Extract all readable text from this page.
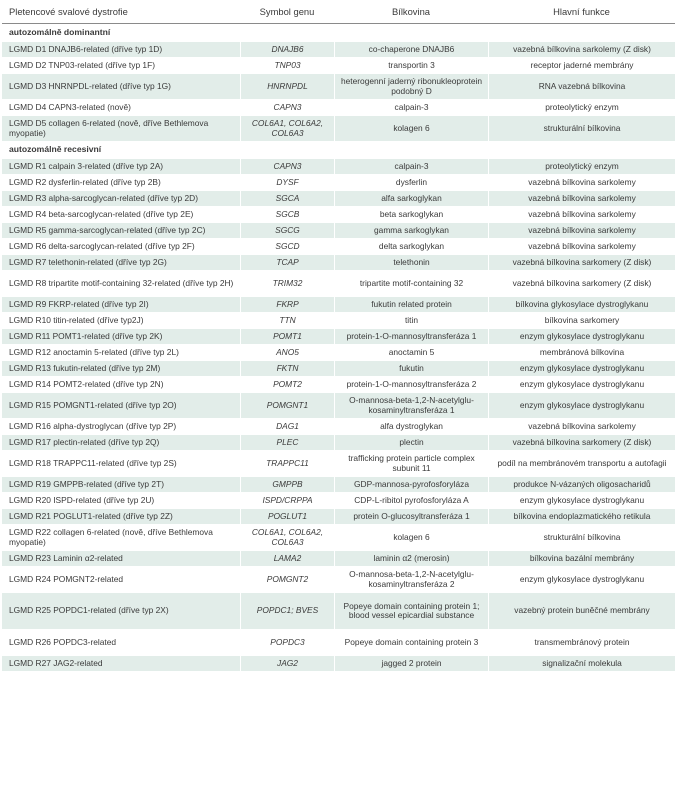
Pletencové svalové dystrofie	Symbol genu	Bílkovina	Hlavní funkce
autozomálně dominantní			
LGMD D1 DNAJB6-related (dříve typ 1D)	DNAJB6	co-chaperone DNAJB6	vazebná bílkovina sarkolemy (Z disk)
LGMD D2 TNP03-related (dříve typ 1F)	TNP03	transportin 3	receptor jaderné membrány
LGMD D3 HNRNPDL-related (dříve typ 1G)	HNRNPDL	heterogenní jaderný ribonukleoprotein podobný D	RNA vazebná bílkovina
LGMD D4 CAPN3-related (nově)	CAPN3	calpain-3	proteolytický enzym
LGMD D5 collagen 6-related (nově, dříve Bethlemova myopatie)	COL6A1, COL6A2, COL6A3	kolagen 6	strukturální bílkovina
autozomálně recesivní			
LGMD R1 calpain 3-related (dříve typ 2A)	CAPN3	calpain-3	proteolytický enzym
LGMD R2 dysferlin-related (dříve typ 2B)	DYSF	dysferlin	vazebná bílkovina sarkolemy
LGMD R3 alpha-sarcoglycan-related (dříve typ 2D)	SGCA	alfa sarkoglykan	vazebná bílkovina sarkolemy
LGMD R4 beta-sarcoglycan-related (dříve typ 2E)	SGCB	beta sarkoglykan	vazebná bílkovina sarkolemy
LGMD R5 gamma-sarcoglycan-related (dříve typ 2C)	SGCG	gamma sarkoglykan	vazebná bílkovina sarkolemy
LGMD R6 delta-sarcoglycan-related (dříve typ 2F)	SGCD	delta sarkoglykan	vazebná bílkovina sarkolemy
LGMD R7 telethonin-related (dříve typ 2G)	TCAP	telethonin	vazebná bílkovina sarkomery (Z disk)
LGMD R8 tripartite motif-containing 32-related (dříve typ 2H)	TRIM32	tripartite motif-containing 32	vazebná bílkovina sarkomery (Z disk)
LGMD R9 FKRP-related (dříve typ 2I)	FKRP	fukutin related protein	bílkovina glykosylace dystroglykanu
LGMD R10 titin-related (dříve typ2J)	TTN	titin	bílkovina sarkomery
LGMD R11 POMT1-related (dříve typ 2K)	POMT1	protein-1-O-mannosyltransferáza 1	enzym glykosylace dystroglykanu
LGMD R12 anoctamin 5-related (dříve typ 2L)	ANO5	anoctamin 5	membránová bílkovina
LGMD R13 fukutin-related (dříve typ 2M)	FKTN	fukutin	enzym glykosylace dystroglykanu
LGMD R14 POMT2-related (dříve typ 2N)	POMT2	protein-1-O-mannosyltransferáza 2	enzym glykosylace dystroglykanu
LGMD R15 POMGNT1-related (dříve typ 2O)	POMGNT1	O-mannosa-beta-1,2-N-acetylglu-kosaminyltransferáza 1	enzym glykosylace dystroglykanu
LGMD R16 alpha-dystroglycan (dříve typ 2P)	DAG1	alfa dystroglykan	vazebná bílkovina sarkolemy
LGMD R17 plectin-related (dříve typ 2Q)	PLEC	plectin	vazebná bílkovina sarkomery (Z disk)
LGMD R18 TRAPPC11-related (dříve typ 2S)	TRAPPC11	trafficking protein particle complex subunit 11	podíl na membránovém transportu a autofagii
LGMD R19 GMPPB-related (dříve typ 2T)	GMPPB	GDP-mannosa-pyrofosforyláza	produkce N-vázaných oligosacharidů
LGMD R20 ISPD-related (dříve typ 2U)	ISPD/CRPPA	CDP-L-ribitol pyrofosforyláza A	enzym glykosylace dystroglykanu
LGMD R21 POGLUT1-related (dříve typ 2Z)	POGLUT1	protein O-glucosyltransferáza 1	bílkovina endoplazmatického retikula
LGMD R22 collagen 6-related (nově, dříve Bethlemova myopatie)	COL6A1, COL6A2, COL6A3	kolagen 6	strukturální bílkovina
LGMD R23 Laminin α2-related	LAMA2	laminin α2 (merosin)	bílkovina bazální membrány
LGMD R24 POMGNT2-related	POMGNT2	O-mannosa-beta-1,2-N-acetylglu-kosaminyltransferáza 2	enzym glykosylace dystroglykanu
LGMD R25 POPDC1-related (dříve typ 2X)	POPDC1; BVES	Popeye domain containing protein 1; blood vessel epicardial substance	vazebný protein buněčné membrány
LGMD R26 POPDC3-related	POPDC3	Popeye domain containing protein 3	transmembránový protein
LGMD R27 JAG2-related	JAG2	jagged 2 protein	signalizační molekula
